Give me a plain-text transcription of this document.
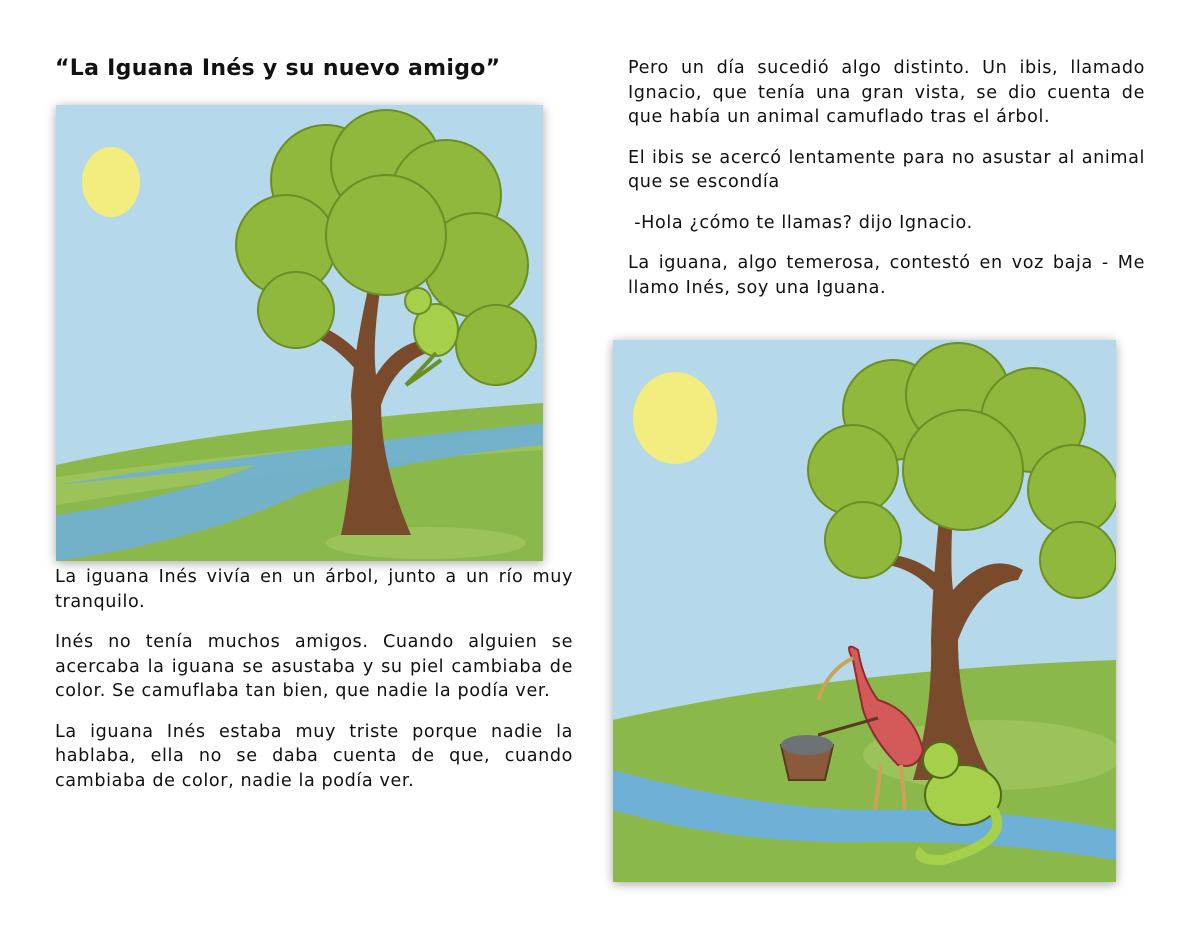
“La Iguana Inés y su nuevo amigo”

La iguana Inés vivía en un árbol, junto a un río muy tranquilo.

Inés no tenía muchos amigos. Cuando alguien se acercaba la iguana se asustaba y su piel cambiaba de color. Se camuflaba tan bien, que nadie la podía ver.

La iguana Inés estaba muy triste porque nadie la hablaba, ella no se daba cuenta de que, cuando cambiaba de color, nadie la podía ver.

Pero un día sucedió algo distinto. Un ibis, llamado Ignacio, que tenía una gran vista, se dio cuenta de que había un animal camuflado tras el árbol.

El ibis se acercó lentamente para no asustar al animal que se escondía

-Hola ¿cómo te llamas? dijo Ignacio.

La iguana, algo temerosa, contestó en voz baja - Me llamo Inés, soy una Iguana.
